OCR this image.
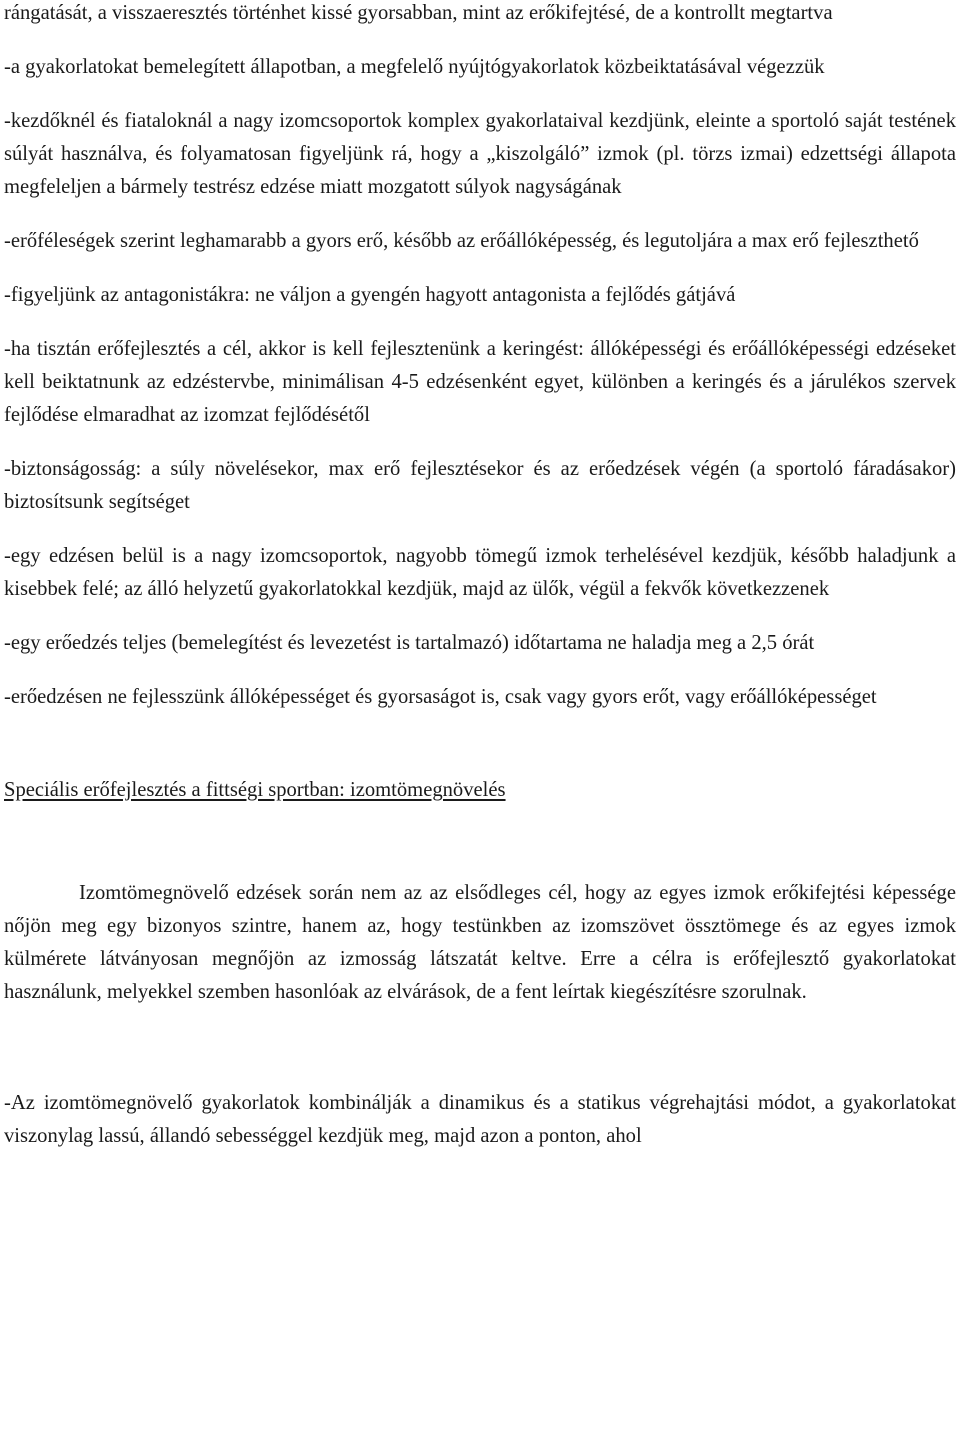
rángatását, a visszaeresztés történhet kissé gyorsabban, mint az erőkifejtésé, de a kontrollt megtartva

-a gyakorlatokat bemelegített állapotban, a megfelelő nyújtógyakorlatok közbeiktatásával végezzük

-kezdőknél és fiataloknál a nagy izomcsoportok komplex gyakorlataival kezdjünk, eleinte a sportoló saját testének súlyát használva, és folyamatosan figyeljünk rá, hogy a „kiszolgáló” izmok (pl. törzs izmai) edzettségi állapota megfeleljen a bármely testrész edzése miatt mozgatott súlyok nagyságának

-erőféleségek szerint leghamarabb a gyors erő, később az erőállóképesség, és legutoljára a max erő fejleszthető

-figyeljünk az antagonistákra: ne váljon a gyengén hagyott antagonista a fejlődés gátjává

-ha tisztán erőfejlesztés a cél, akkor is kell fejlesztenünk a keringést: állóképességi és erőállóképességi edzéseket kell beiktatnunk az edzéstervbe, minimálisan 4-5 edzésenként egyet, különben a keringés és a járulékos szervek fejlődése elmaradhat az izomzat fejlődésétől

-biztonságosság: a súly növelésekor, max erő fejlesztésekor és az erőedzések végén (a sportoló fáradásakor) biztosítsunk segítséget

-egy edzésen belül is a nagy izomcsoportok, nagyobb tömegű izmok terhelésével kezdjük, később haladjunk a kisebbek felé; az álló helyzetű gyakorlatokkal kezdjük, majd az ülők, végül a fekvők következzenek

-egy erőedzés teljes (bemelegítést és levezetést is tartalmazó) időtartama ne haladja meg a 2,5 órát

-erőedzésen ne fejlesszünk állóképességet és gyorsaságot is, csak vagy gyors erőt, vagy erőállóképességet

Speciális erőfejlesztés a fittségi sportban: izomtömegnövelés

Izomtömegnövelő edzések során nem az az elsődleges cél, hogy az egyes izmok erőkifejtési képessége nőjön meg egy bizonyos szintre, hanem az, hogy testünkben az izomszövet össztömege és az egyes izmok külmérete látványosan megnőjön az izmosság látszatát keltve. Erre a célra is erőfejlesztő gyakorlatokat használunk, melyekkel szemben hasonlóak az elvárások, de a fent leírtak kiegészítésre szorulnak.

-Az izomtömegnövelő gyakorlatok kombinálják a dinamikus és a statikus végrehajtási módot, a gyakorlatokat viszonylag lassú, állandó sebességgel kezdjük meg, majd azon a ponton, ahol
